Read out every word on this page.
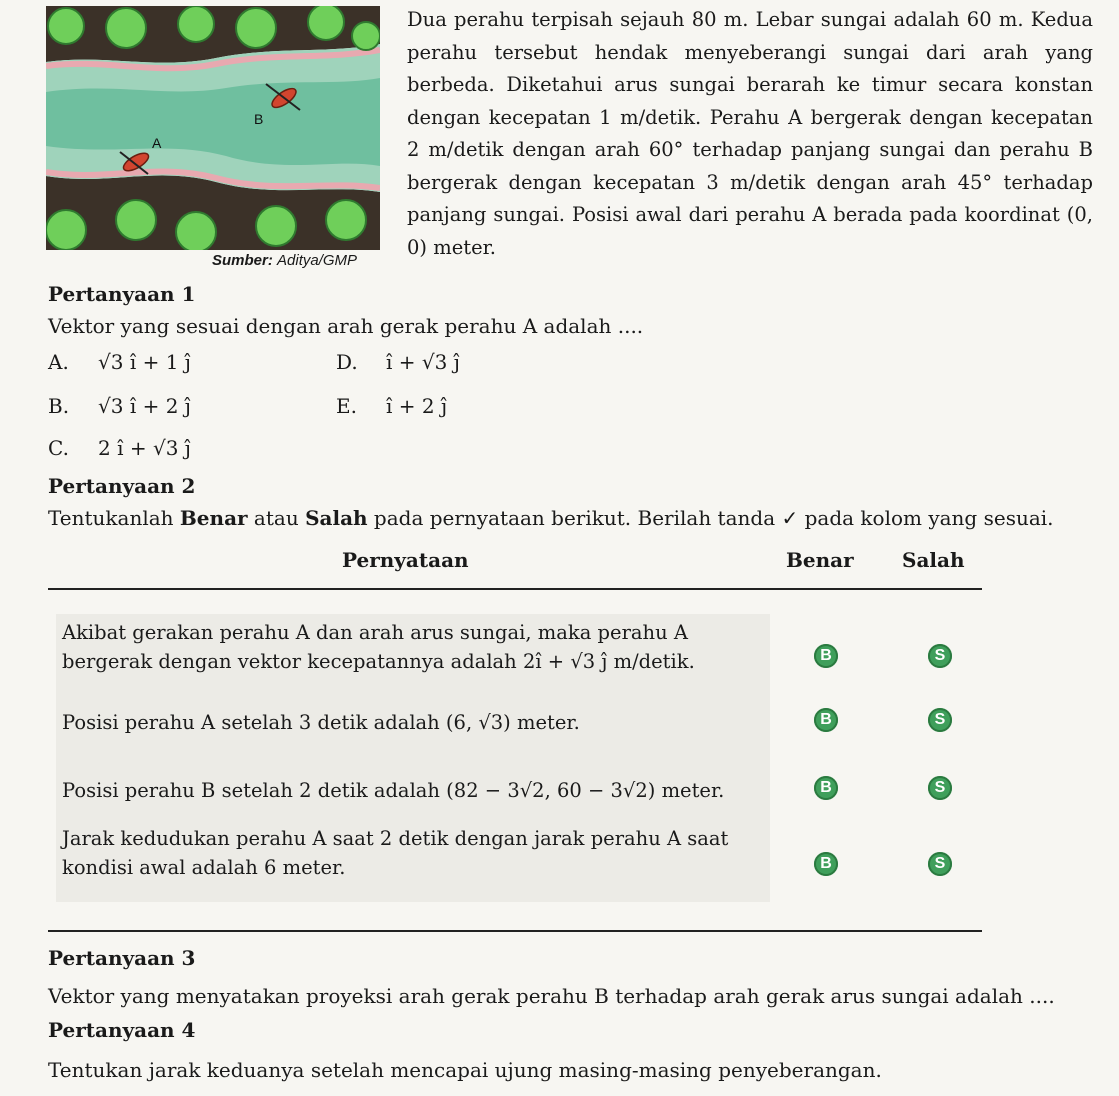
B
A
Sumber: Aditya/GMP
Dua perahu terpisah sejauh 80 m. Lebar sungai adalah 60 m. Kedua perahu tersebut hendak menyeberangi sungai dari arah yang berbeda. Diketahui arus sungai berarah ke timur secara konstan dengan kecepatan 1 m/detik. Perahu A bergerak dengan kecepatan 2 m/detik dengan arah 60° terhadap panjang sungai dan perahu B bergerak dengan kecepatan 3 m/detik dengan arah 45° terhadap panjang sungai. Posisi awal dari perahu A berada pada koordinat (0, 0) meter.
Pertanyaan 1
Vektor yang sesuai dengan arah gerak perahu A adalah ....
A.	√3 î + 1 ĵ
B.	√3 î + 2 ĵ
C.	2 î + √3 ĵ
D.	î + √3 ĵ
E.	î + 2 ĵ
Pertanyaan 2
Tentukanlah Benar atau Salah pada pernyataan berikut. Berilah tanda ✓ pada kolom yang sesuai.
Pernyataan	Benar Salah
Akibat gerakan perahu A dan arah arus sungai, maka perahu A bergerak dengan vektor kecepatannya adalah 2î + √3 ĵ m/detik.	B	S
Posisi perahu A setelah 3 detik adalah (6, √3) meter.	B	S
Posisi perahu B setelah 2 detik adalah (82 − 3√2, 60 − 3√2) meter.	B	S
Jarak kedudukan perahu A saat 2 detik dengan jarak perahu A saat kondisi awal adalah 6 meter.	B	S
Pertanyaan 3
Vektor yang menyatakan proyeksi arah gerak perahu B terhadap arah gerak arus sungai adalah ....
Pertanyaan 4
Tentukan jarak keduanya setelah mencapai ujung masing-masing penyeberangan.
